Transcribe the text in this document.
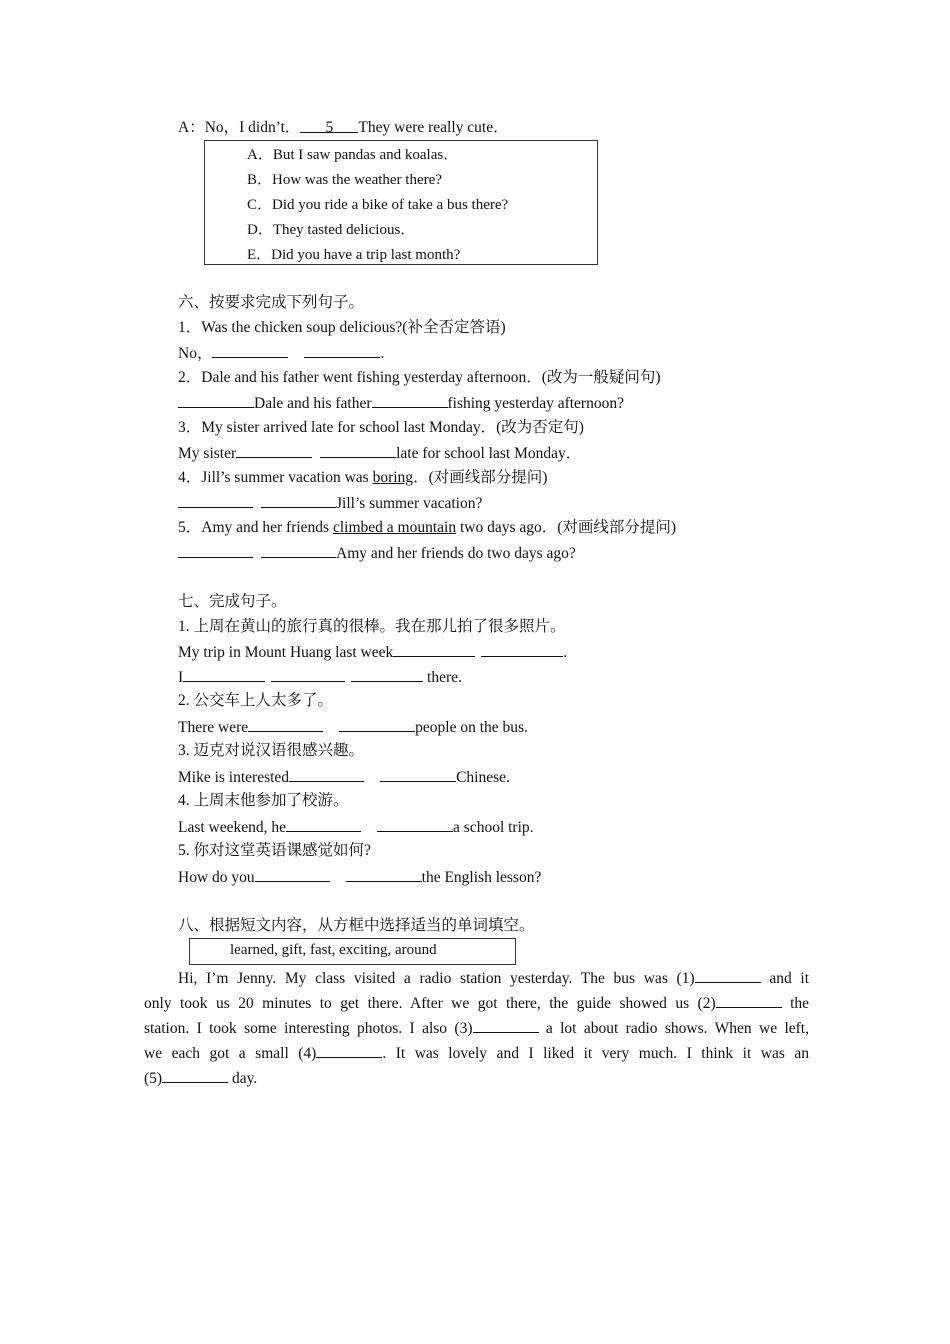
A：No，I didn’t． 5 They were really cute．
A．But I saw pandas and koalas．
B．How was the weather there?
C．Did you ride a bike of take a bus there?
D．They tasted delicious．
E．Did you have a trip last month?
六、按要求完成下列句子。
1．Was the chicken soup delicious?(补全否定答语)
No，	.
2．Dale and his father went fishing yesterday afternoon．(改为一般疑问句)
Dale and his father	fishing yesterday afternoon?
3．My sister arrived late for school last Monday．(改为否定句)
My sister	late for school last Monday．
4．Jill’s summer vacation was boring．(对画线部分提问)
Jill’s summer vacation?
5．Amy and her friends climbed a mountain two days ago．(对画线部分提问)
Amy and her friends do two days ago?
七、完成句子。
1. 上周在黄山的旅行真的很棒。我在那儿拍了很多照片。
My trip in Mount Huang last week	.
I	there.
2. 公交车上人太多了。
There were	people on the bus.
3. 迈克对说汉语很感兴趣。
Mike is interested	Chinese.
4. 上周末他参加了校游。
Last weekend, he	a school trip.
5. 你对这堂英语课感觉如何?
How do you	the English lesson?
八、根据短文内容，从方框中选择适当的单词填空。
learned, gift, fast, exciting, around
Hi, I’m Jenny. My class visited a radio station yesterday. The bus was (1)	and it
only took us 20 minutes to get there. After we got there, the guide showed us (2)	the
station. I took some interesting photos. I also (3)	a lot about radio shows. When we left,
we each got a small (4)	. It was lovely and I liked it very much. I think it was an
(5)	day.
